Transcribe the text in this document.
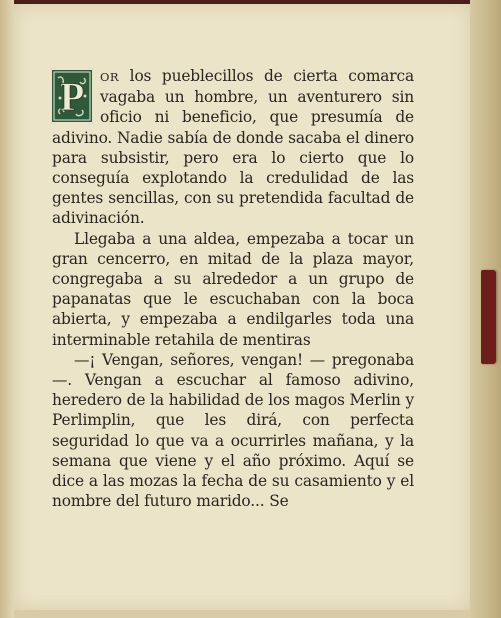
P OR los pueblecillos de cierta comarca vagaba un hombre, un aventurero sin oficio ni beneficio, que presumía de adivino. Nadie sabía de donde sacaba el dinero para subsistir, pero era lo cierto que lo conseguía explotando la credulidad de las gentes sencillas, con su pretendida facultad de adivinación.

Llegaba a una aldea, empezaba a tocar un gran cencerro, en mitad de la plaza mayor, congregaba a su alrededor a un grupo de papanatas que le escuchaban con la boca abierta, y empezaba a endilgarles toda una interminable retahila de mentiras

—¡ Vengan, señores, vengan! — pregonaba—. Vengan a escuchar al famoso adivino, heredero de la habilidad de los magos Merlin y Perlimplin, que les dirá, con perfecta seguridad lo que va a ocurrirles mañana, y la semana que viene y el año próximo. Aquí se dice a las mozas la fecha de su casamiento y el nombre del futuro marido... Se
